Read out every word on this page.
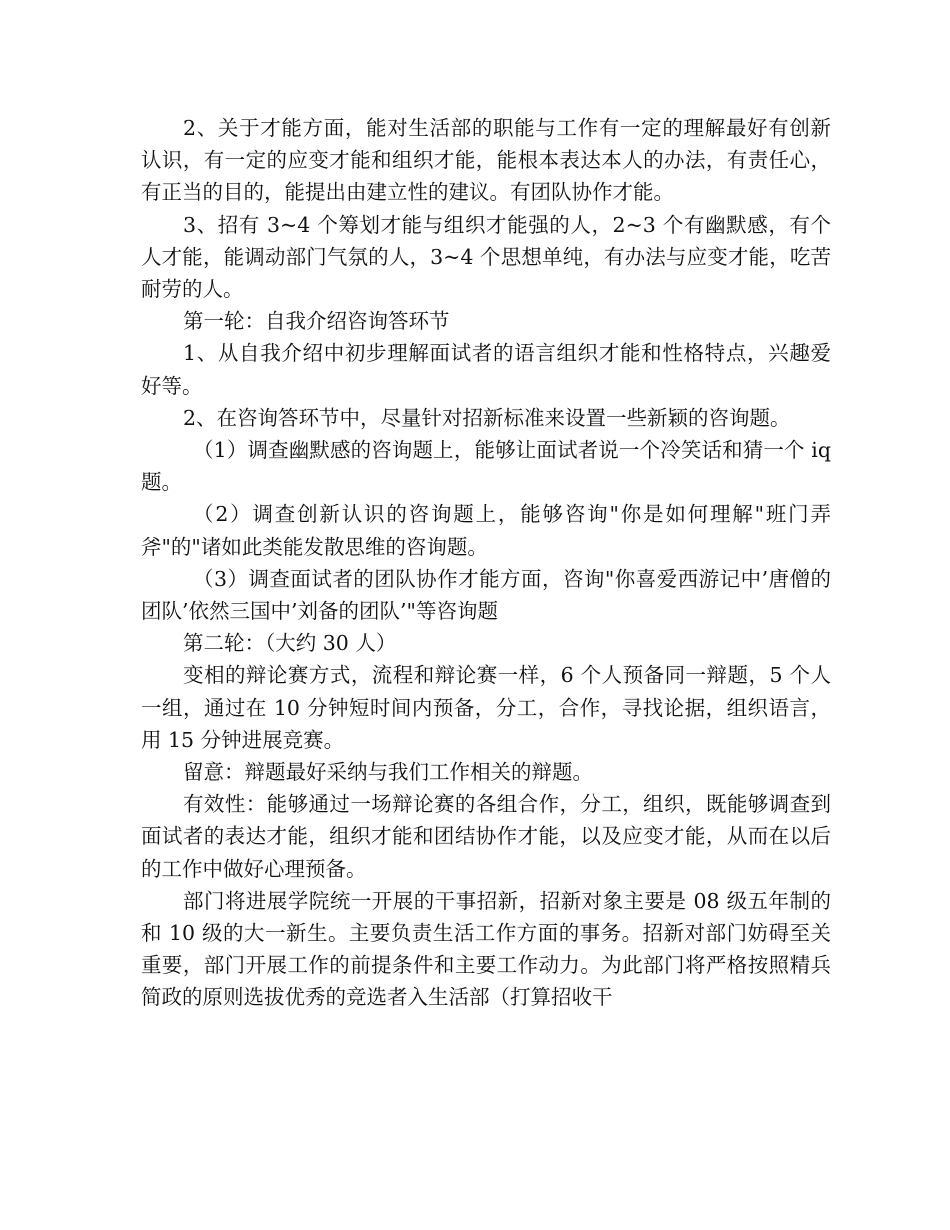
2、关于才能方面，能对生活部的职能与工作有一定的理解最好有创新认识，有一定的应变才能和组织才能，能根本表达本人的办法，有责任心，有正当的目的，能提出由建立性的建议。有团队协作才能。

3、招有 3~4 个筹划才能与组织才能强的人，2~3 个有幽默感，有个人才能，能调动部门气氛的人，3~4 个思想单纯，有办法与应变才能，吃苦耐劳的人。

第一轮：自我介绍咨询答环节

1、从自我介绍中初步理解面试者的语言组织才能和性格特点，兴趣爱好等。

2、在咨询答环节中，尽量针对招新标准来设置一些新颖的咨询题。

（1）调查幽默感的咨询题上，能够让面试者说一个冷笑话和猜一个 iq 题。

（2）调查创新认识的咨询题上，能够咨询"你是如何理解"班门弄斧"的"诸如此类能发散思维的咨询题。

（3）调查面试者的团队协作才能方面，咨询"你喜爱西游记中’唐僧的团队’依然三国中’刘备的团队’"等咨询题

第二轮：（大约 30 人）

变相的辩论赛方式，流程和辩论赛一样，6 个人预备同一辩题，5 个人一组，通过在 10 分钟短时间内预备，分工，合作，寻找论据，组织语言，用 15 分钟进展竞赛。

留意：辩题最好采纳与我们工作相关的辩题。

有效性：能够通过一场辩论赛的各组合作，分工，组织，既能够调查到面试者的表达才能，组织才能和团结协作才能，以及应变才能，从而在以后的工作中做好心理预备。

部门将进展学院统一开展的干事招新，招新对象主要是 08 级五年制的和 10 级的大一新生。主要负责生活工作方面的事务。招新对部门妨碍至关重要，部门开展工作的前提条件和主要工作动力。为此部门将严格按照精兵简政的原则选拔优秀的竞选者入生活部（打算招收干
